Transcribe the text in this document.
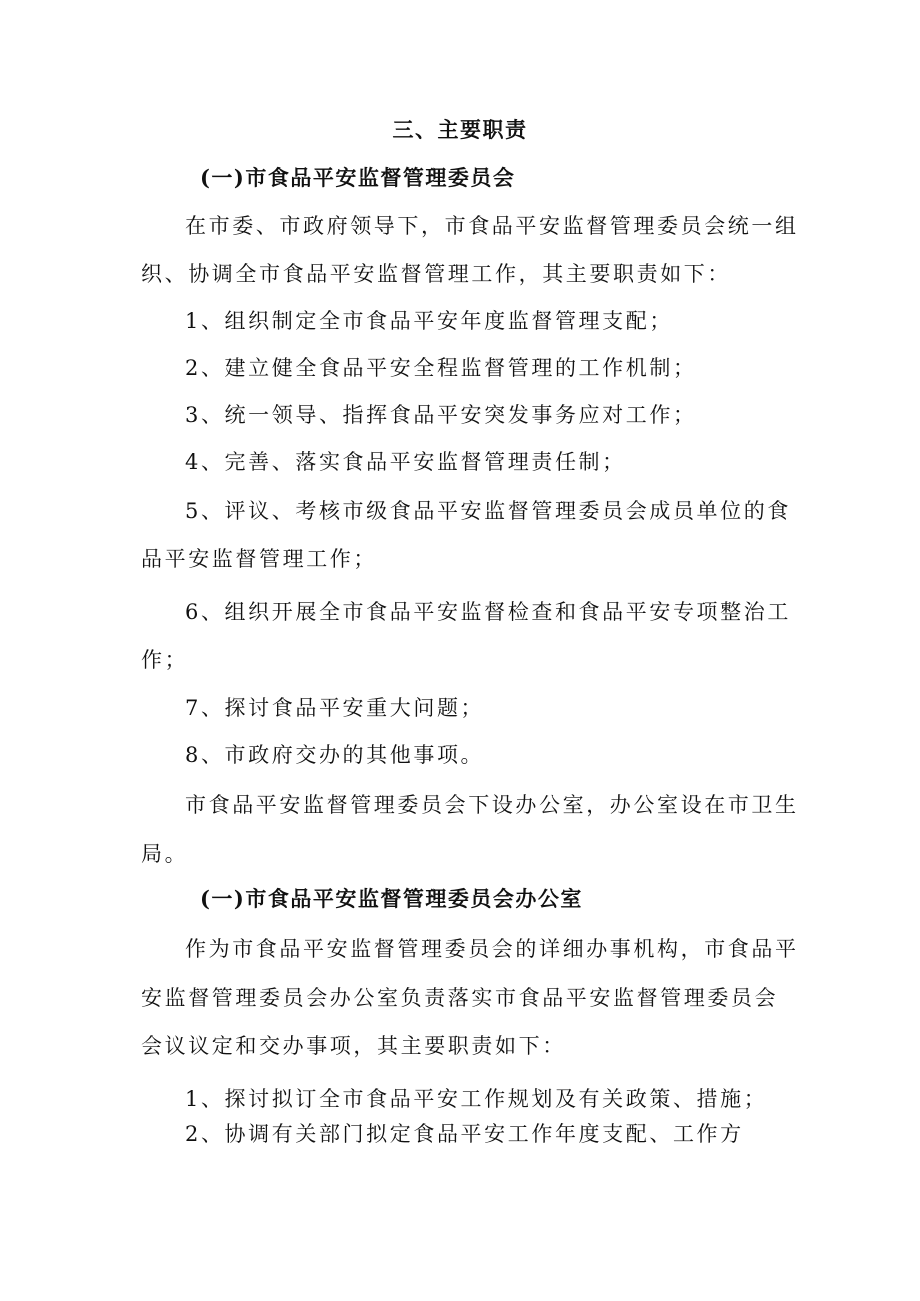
三、主要职责
(一)市食品平安监督管理委员会
在市委、市政府领导下，市食品平安监督管理委员会统一组
织、协调全市食品平安监督管理工作，其主要职责如下：
1、组织制定全市食品平安年度监督管理支配；
2、建立健全食品平安全程监督管理的工作机制；
3、统一领导、指挥食品平安突发事务应对工作；
4、完善、落实食品平安监督管理责任制；
5、评议、考核市级食品平安监督管理委员会成员单位的食
品平安监督管理工作；
6、组织开展全市食品平安监督检查和食品平安专项整治工
作；
7、探讨食品平安重大问题；
8、市政府交办的其他事项。
市食品平安监督管理委员会下设办公室，办公室设在市卫生
局。
(一)市食品平安监督管理委员会办公室
作为市食品平安监督管理委员会的详细办事机构，市食品平
安监督管理委员会办公室负责落实市食品平安监督管理委员会
会议议定和交办事项，其主要职责如下：
1、探讨拟订全市食品平安工作规划及有关政策、措施；
2、协调有关部门拟定食品平安工作年度支配、工作方
